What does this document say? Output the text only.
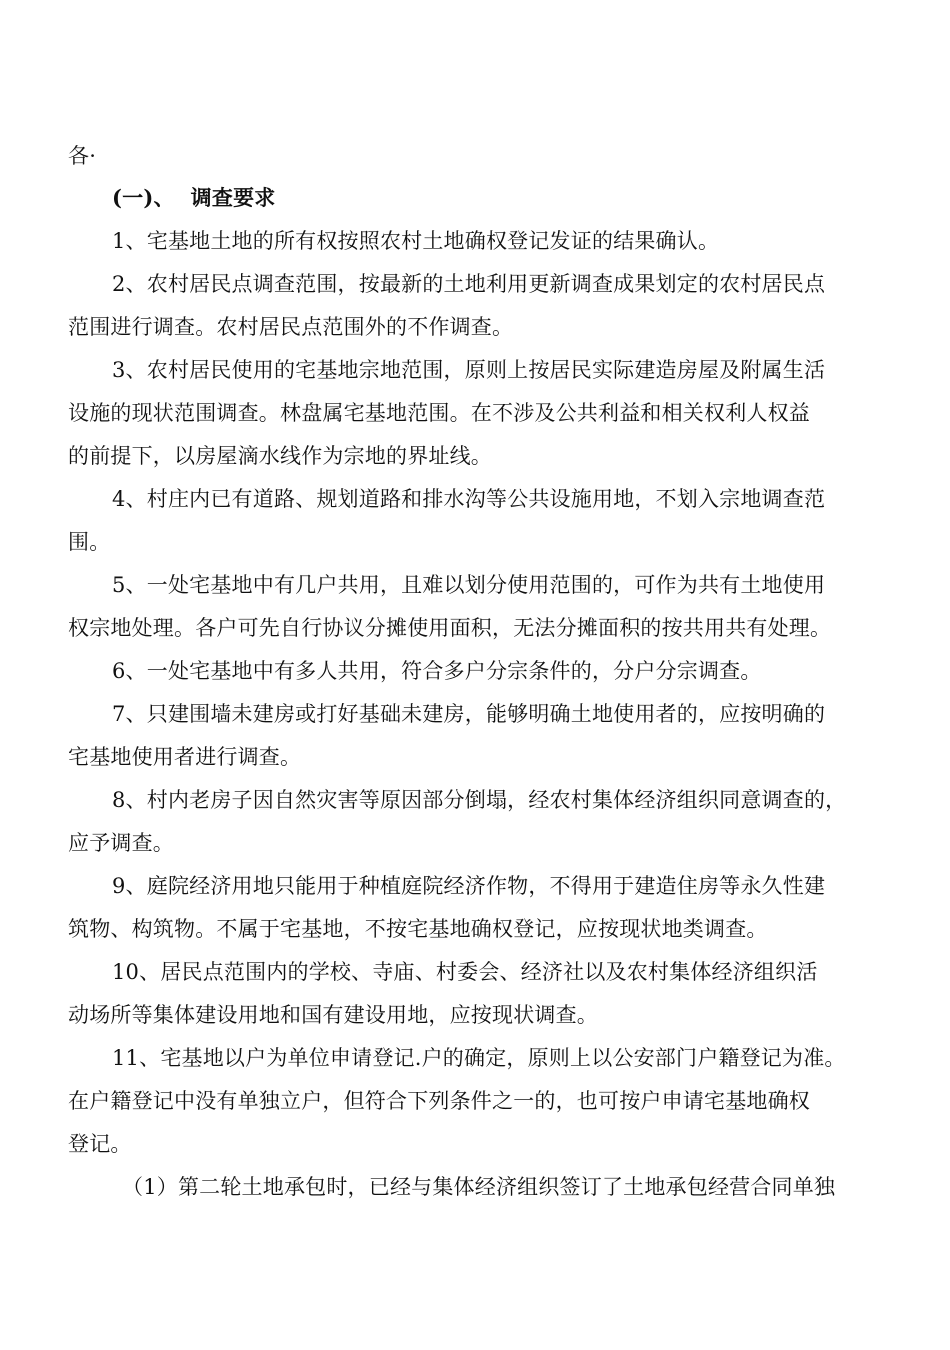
各·
(一)、 调查要求
1、宅基地土地的所有权按照农村土地确权登记发证的结果确认。
2、农村居民点调查范围，按最新的土地利用更新调查成果划定的农村居民点
范围进行调查。农村居民点范围外的不作调查。
3、农村居民使用的宅基地宗地范围，原则上按居民实际建造房屋及附属生活
设施的现状范围调查。林盘属宅基地范围。在不涉及公共利益和相关权利人权益
的前提下，以房屋滴水线作为宗地的界址线。
4、村庄内已有道路、规划道路和排水沟等公共设施用地，不划入宗地调查范
围。
5、一处宅基地中有几户共用，且难以划分使用范围的，可作为共有土地使用
权宗地处理。各户可先自行协议分摊使用面积，无法分摊面积的按共用共有处理。
6、一处宅基地中有多人共用，符合多户分宗条件的，分户分宗调查。
7、只建围墙未建房或打好基础未建房，能够明确土地使用者的，应按明确的
宅基地使用者进行调查。
8、村内老房子因自然灾害等原因部分倒塌，经农村集体经济组织同意调查的，
应予调查。
9、庭院经济用地只能用于种植庭院经济作物，不得用于建造住房等永久性建
筑物、构筑物。不属于宅基地，不按宅基地确权登记，应按现状地类调查。
10、居民点范围内的学校、寺庙、村委会、经济社以及农村集体经济组织活
动场所等集体建设用地和国有建设用地，应按现状调查。
11、宅基地以户为单位申请登记.户的确定，原则上以公安部门户籍登记为准。
在户籍登记中没有单独立户，但符合下列条件之一的，也可按户申请宅基地确权
登记。
（1）第二轮土地承包时，已经与集体经济组织签订了土地承包经营合同单独
